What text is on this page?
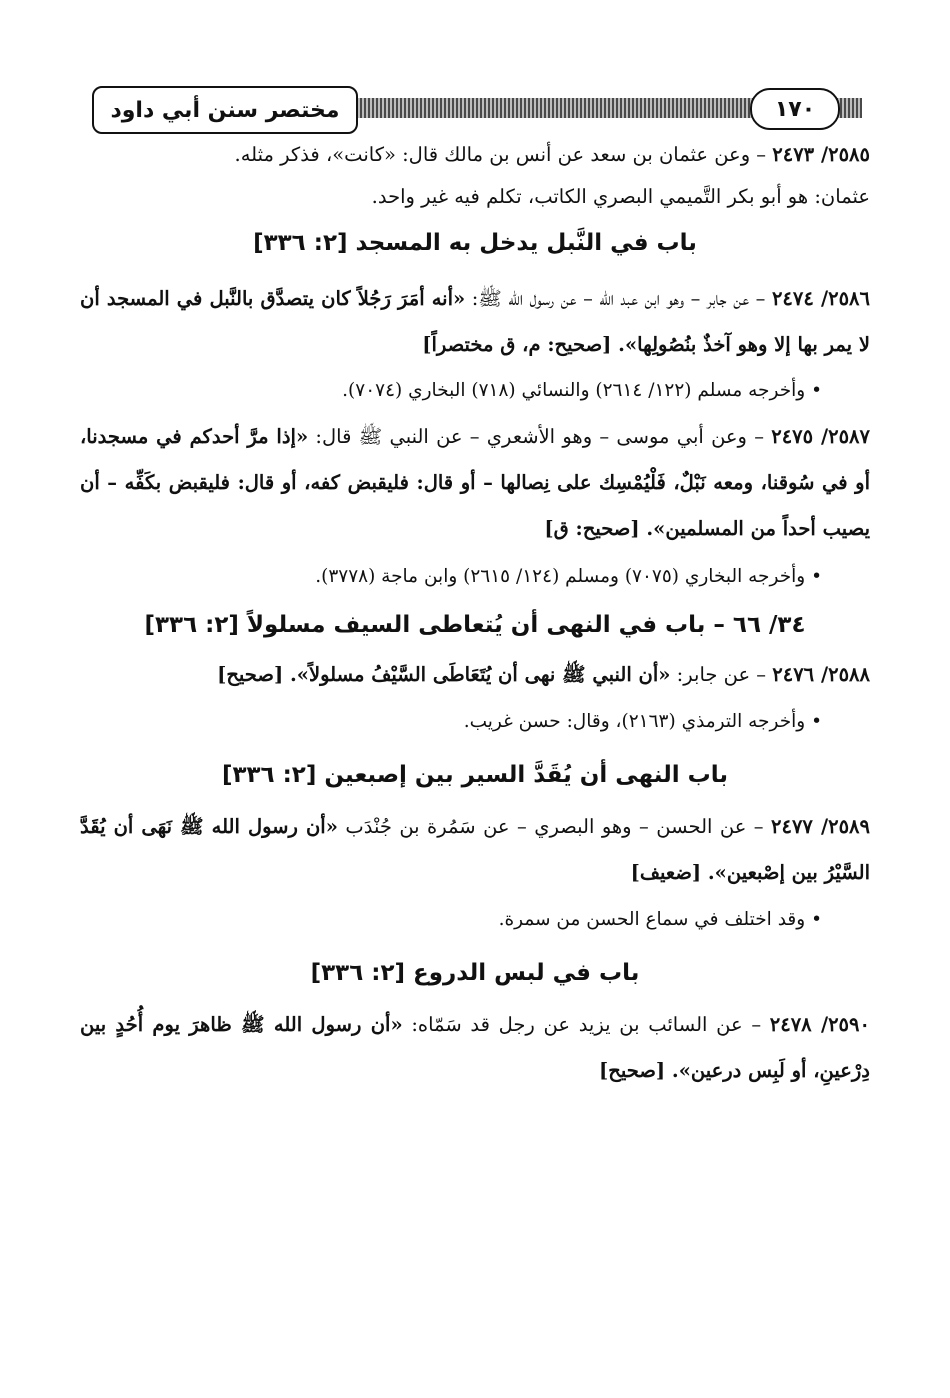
مختصر سنن أبي داود	١٧٠

٢٥٨٥/ ٢٤٧٣ – وعن عثمان بن سعد عن أنس بن مالك قال: «كانت»، فذكر مثله.

عثمان: هو أبو بكر التَّميمي البصري الكاتب، تكلم فيه غير واحد.

باب في النَّبل يدخل به المسجد [٢: ٣٣٦]

٢٥٨٦/ ٢٤٧٤ – عن جابر – وهو ابن عبد الله – عن رسول الله ﷺ: «أنه أمَرَ رَجُلاً كان يتصدَّق بالنَّبل في المسجد أن لا يمر بها إلا وهو آخذٌ بنُصُولِها». [صحيح: م، ق مختصراً]

• وأخرجه مسلم (١٢٢/ ٢٦١٤) والنسائي (٧١٨) البخاري (٧٠٧٤).

٢٥٨٧/ ٢٤٧٥ – وعن أبي موسى – وهو الأشعري – عن النبي ﷺ قال: «إذا مرَّ أحدكم في مسجدنا، أو في سُوقنا، ومعه نَبْلٌ، فَلْيُمْسِك على نِصالها – أو قال: فليقبض كفه، أو قال: فليقبض بكَفِّه – أن يصيب أحداً من المسلمين». [صحيح: ق]

• وأخرجه البخاري (٧٠٧٥) ومسلم (١٢٤/ ٢٦١٥) وابن ماجة (٣٧٧٨).

٣٤/ ٦٦ – باب في النهى أن يُتعاطى السيف مسلولاً [٢: ٣٣٦]

٢٥٨٨/ ٢٤٧٦ – عن جابر: «أن النبي ﷺ نهى أن يُتَعَاطَى السَّيْفُ مسلولاً». [صحيح]

• وأخرجه الترمذي (٢١٦٣)، وقال: حسن غريب.

باب النهى أن يُقَدَّ السير بين إصبعين [٢: ٣٣٦]

٢٥٨٩/ ٢٤٧٧ – عن الحسن – وهو البصري – عن سَمُرة بن جُنْدَب «أن رسول الله ﷺ نَهَى أن يُقَدَّ السَّيْرُ بين إصْبعين». [ضعيف]

• وقد اختلف في سماع الحسن من سمرة.

باب في لبس الدروع [٢: ٣٣٦]

٢٥٩٠/ ٢٤٧٨ – عن السائب بن يزيد عن رجل قد سَمّاه: «أن رسول الله ﷺ ظاهرَ يوم أُحُدٍ بين دِرْعينِ، أو لَبِس درعين». [صحيح]
